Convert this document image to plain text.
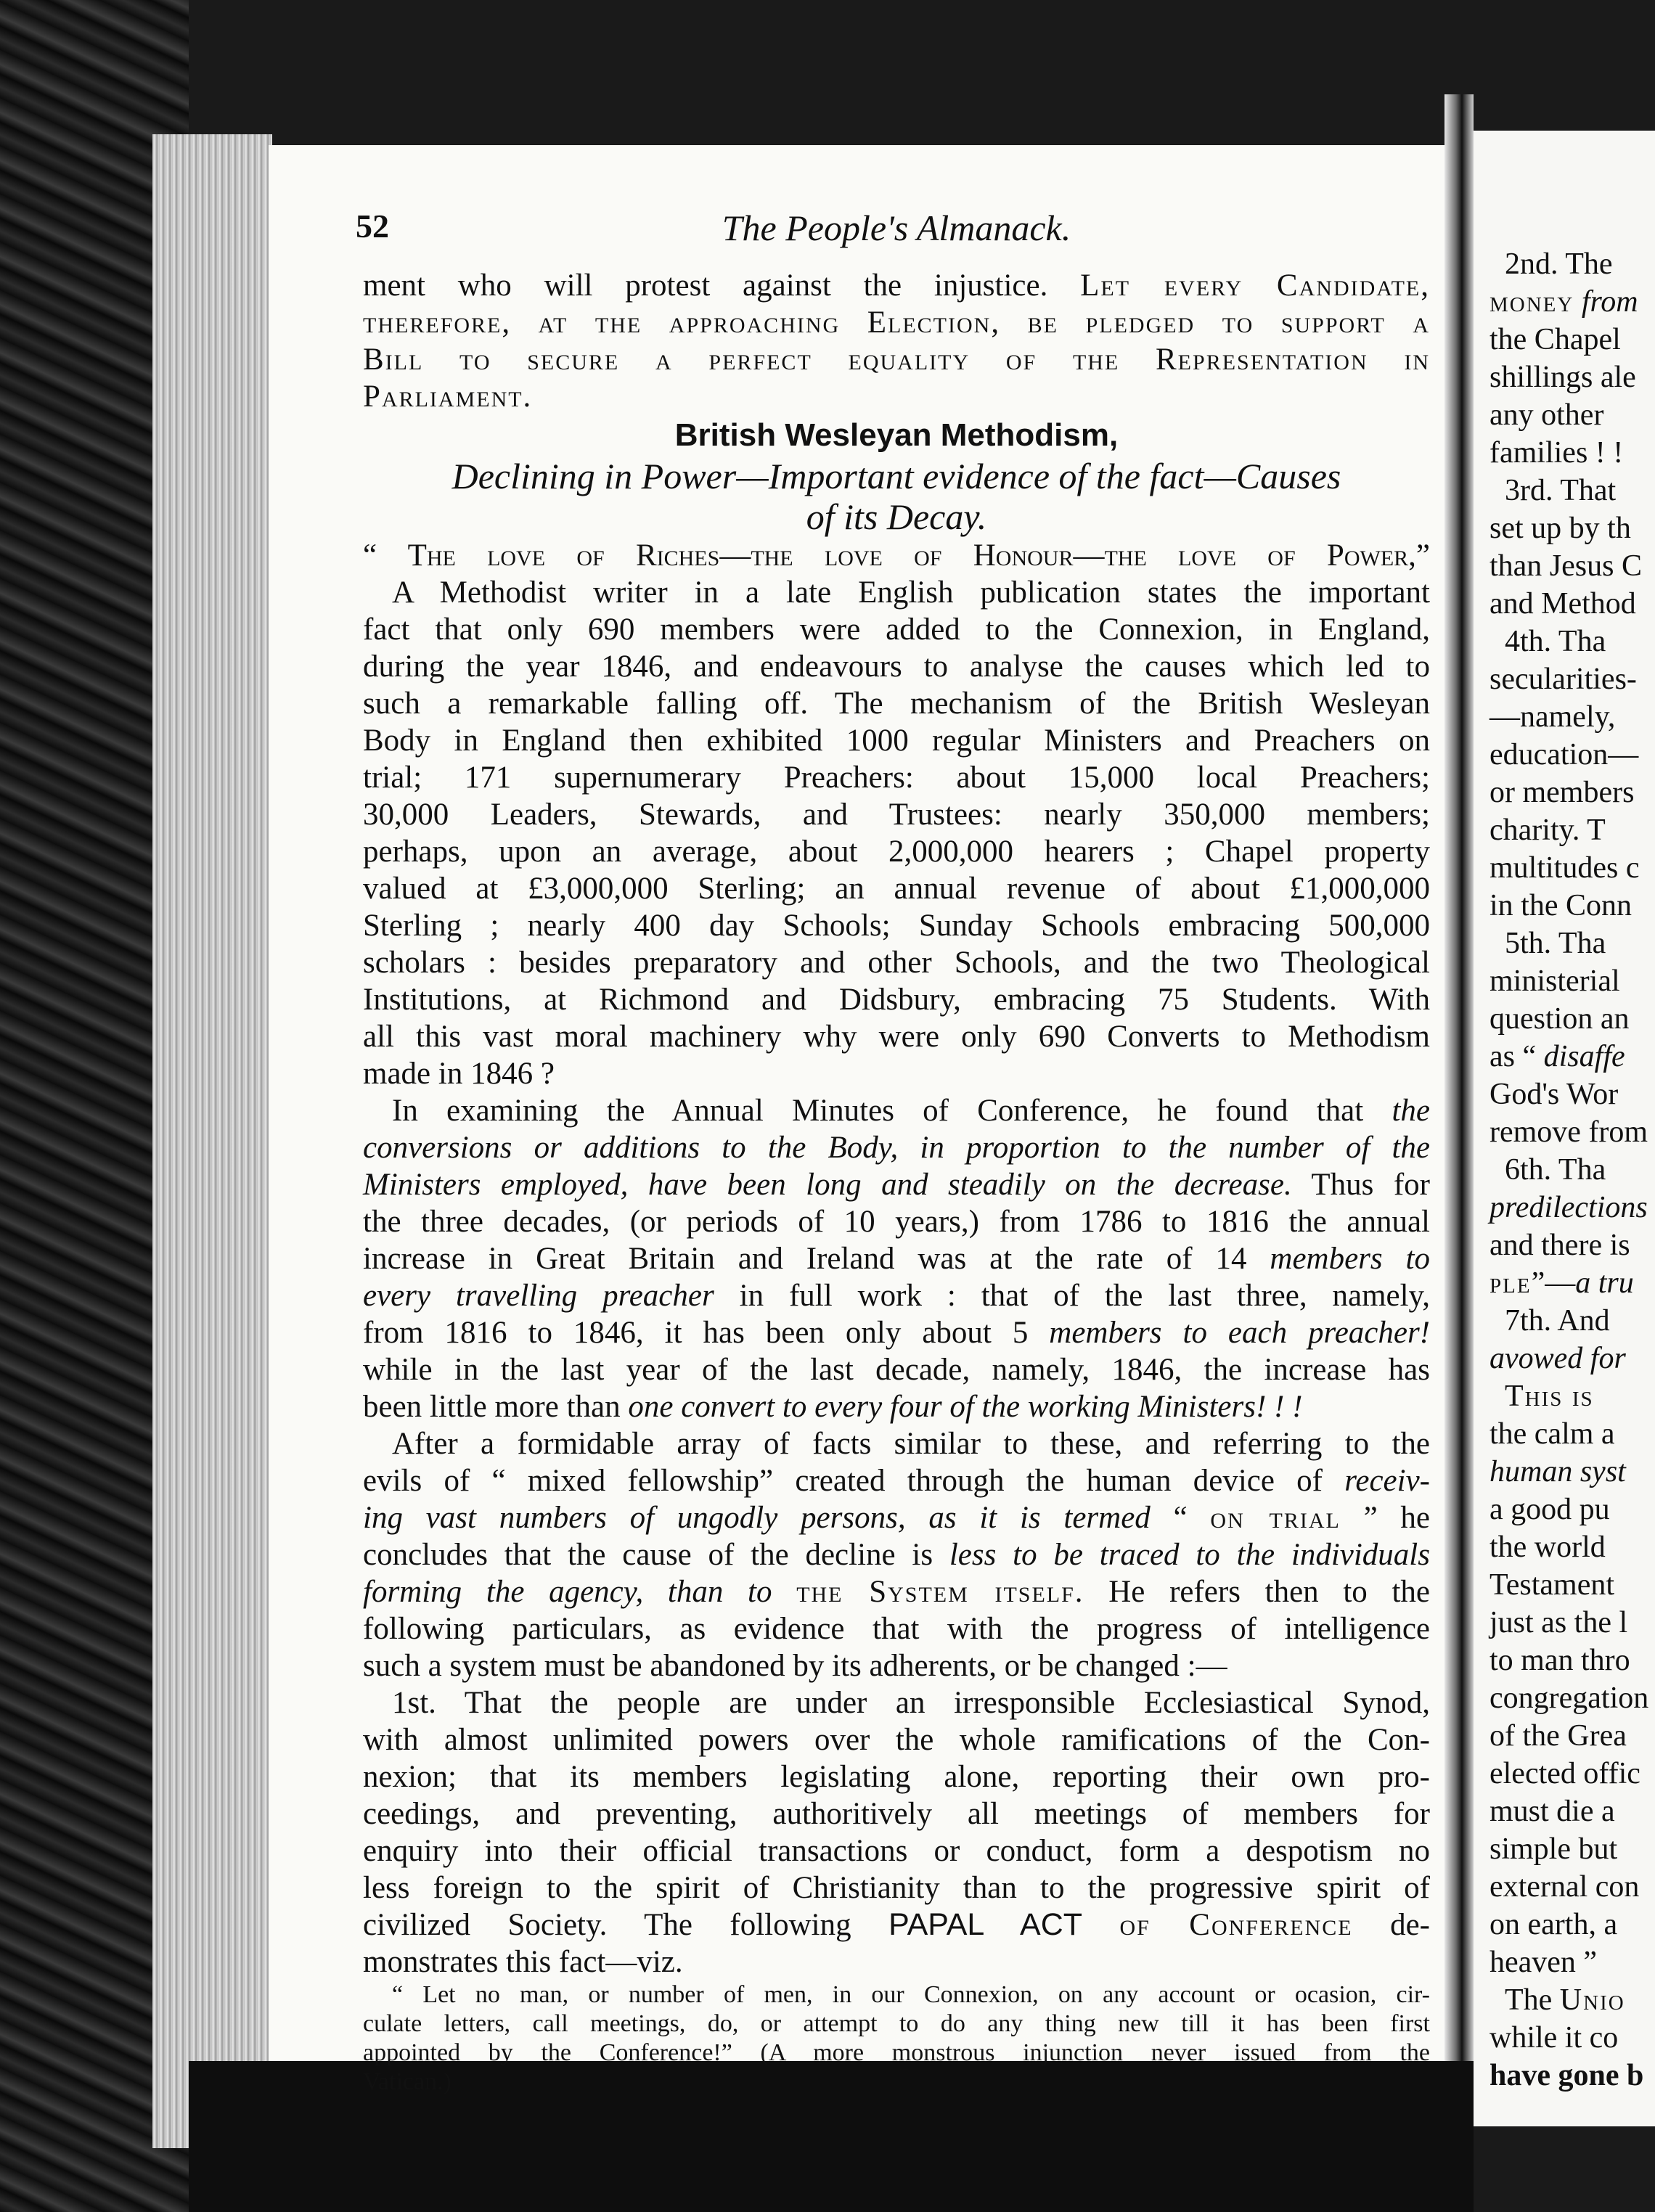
2nd. The
money from
the Chapel
shillings ale
any other
families ! !
3rd. That
set up by th
than Jesus C
and Method
4th. Tha
secularities-
—namely,
education—
or members
charity. T
multitudes c
in the Conn
5th. Tha
ministerial
question an
as “ disaffe
God's Wor
remove from
6th. Tha
predilections
and there is
ple”—a tru
7th. And
avowed for
This is
the calm a
human syst
a good pu
the world
Testament
just as the l
to man thro
congregation
of the Grea
elected offic
must die a
simple but
external con
on earth, a
heaven ”
The Unio
while it co
have gone b
52	The People's Almanack.
ment who will protest against the injustice. Let every Candidate,
therefore, at the approaching Election, be pledged to support a
Bill to secure a perfect equality of the Representation in
Parliament.
British Wesleyan Methodism,
Declining in Power—Important evidence of the fact—Causes
of its Decay.
“ The love of Riches—the love of Honour—the love of Power,”
A Methodist writer in a late English publication states the important
fact that only 690 members were added to the Connexion, in England,
during the year 1846, and endeavours to analyse the causes which led to
such a remarkable falling off. The mechanism of the British Wesleyan
Body in England then exhibited 1000 regular Ministers and Preachers on
trial; 171 supernumerary Preachers: about 15,000 local Preachers;
30,000 Leaders, Stewards, and Trustees: nearly 350,000 members;
perhaps, upon an average, about 2,000,000 hearers ; Chapel property
valued at £3,000,000 Sterling; an annual revenue of about £1,000,000
Sterling ; nearly 400 day Schools; Sunday Schools embracing 500,000
scholars : besides preparatory and other Schools, and the two Theological
Institutions, at Richmond and Didsbury, embracing 75 Students. With
all this vast moral machinery why were only 690 Converts to Methodism
made in 1846 ?
In examining the Annual Minutes of Conference, he found that the
conversions or additions to the Body, in proportion to the number of the
Ministers employed, have been long and steadily on the decrease. Thus for
the three decades, (or periods of 10 years,) from 1786 to 1816 the annual
increase in Great Britain and Ireland was at the rate of 14 members to
every travelling preacher in full work : that of the last three, namely,
from 1816 to 1846, it has been only about 5 members to each preacher!
while in the last year of the last decade, namely, 1846, the increase has
been little more than one convert to every four of the working Ministers! ! !
After a formidable array of facts similar to these, and referring to the
evils of “ mixed fellowship” created through the human device of receiv-
ing vast numbers of ungodly persons, as it is termed “ on trial ” he
concludes that the cause of the decline is less to be traced to the individuals
forming the agency, than to the System itself. He refers then to the
following particulars, as evidence that with the progress of intelligence
such a system must be abandoned by its adherents, or be changed :—
1st. That the people are under an irresponsible Ecclesiastical Synod,
with almost unlimited powers over the whole ramifications of the Con-
nexion; that its members legislating alone, reporting their own pro-
ceedings, and preventing, authoritively all meetings of members for
enquiry into their official transactions or conduct, form a despotism no
less foreign to the spirit of Christianity than to the progressive spirit of
civilized Society. The following PAPAL ACT of Conference de-
monstrates this fact—viz.
“ Let no man, or number of men, in our Connexion, on any account or ocasion, cir-
culate letters, call meetings, do, or attempt to do any thing new till it has been first
appointed by the Conference!” (A more monstrous injunction never issued from the
Vatican.)
